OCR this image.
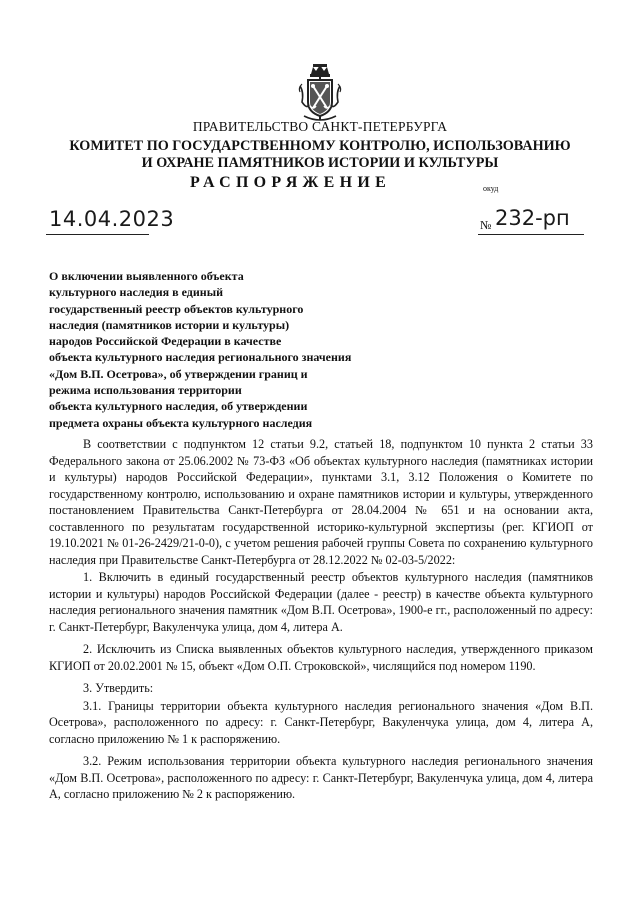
ПРАВИТЕЛЬСТВО САНКТ-ПЕТЕРБУРГА
КОМИТЕТ ПО ГОСУДАРСТВЕННОМУ КОНТРОЛЮ, ИСПОЛЬЗОВАНИЮ
И ОХРАНЕ ПАМЯТНИКОВ ИСТОРИИ И КУЛЬТУРЫ
РАСПОРЯЖЕНИЕ	окуд
14.04.2023	№ 232-рп
О включении выявленного объекта
культурного наследия в единый
государственный реестр объектов культурного
наследия (памятников истории и культуры)
народов Российской Федерации в качестве
объекта культурного наследия регионального значения
«Дом В.П. Осетрова», об утверждении границ и
режима использования территории
объекта культурного наследия, об утверждении
предмета охраны объекта культурного наследия

В соответствии с подпунктом 12 статьи 9.2, статьей 18, подпунктом 10 пункта 2 статьи 33 Федерального закона от 25.06.2002 № 73-ФЗ «Об объектах культурного наследия (памятниках истории и культуры) народов Российской Федерации», пунктами 3.1, 3.12 Положения о Комитете по государственному контролю, использованию и охране памятников истории и культуры, утвержденного постановлением Правительства Санкт-Петербурга от 28.04.2004 № 651 и на основании акта, составленного по результатам государственной историко-культурной экспертизы (рег. КГИОП от 19.10.2021 № 01-26-2429/21-0-0), с учетом решения рабочей группы Совета по сохранению культурного наследия при Правительстве Санкт-Петербурга от 28.12.2022 № 02-03-5/2022:

1. Включить в единый государственный реестр объектов культурного наследия (памятников истории и культуры) народов Российской Федерации (далее - реестр) в качестве объекта культурного наследия регионального значения памятник «Дом В.П. Осетрова», 1900-е гг., расположенный по адресу: г. Санкт-Петербург, Вакуленчука улица, дом 4, литера А.

2. Исключить из Списка выявленных объектов культурного наследия, утвержденного приказом КГИОП от 20.02.2001 № 15, объект «Дом О.П. Строковской», числящийся под номером 1190.

3. Утвердить:

3.1. Границы территории объекта культурного наследия регионального значения «Дом В.П. Осетрова», расположенного по адресу: г. Санкт-Петербург, Вакуленчука улица, дом 4, литера А, согласно приложению № 1 к распоряжению.

3.2. Режим использования территории объекта культурного наследия регионального значения «Дом В.П. Осетрова», расположенного по адресу: г. Санкт-Петербург, Вакуленчука улица, дом 4, литера А, согласно приложению № 2 к распоряжению.
